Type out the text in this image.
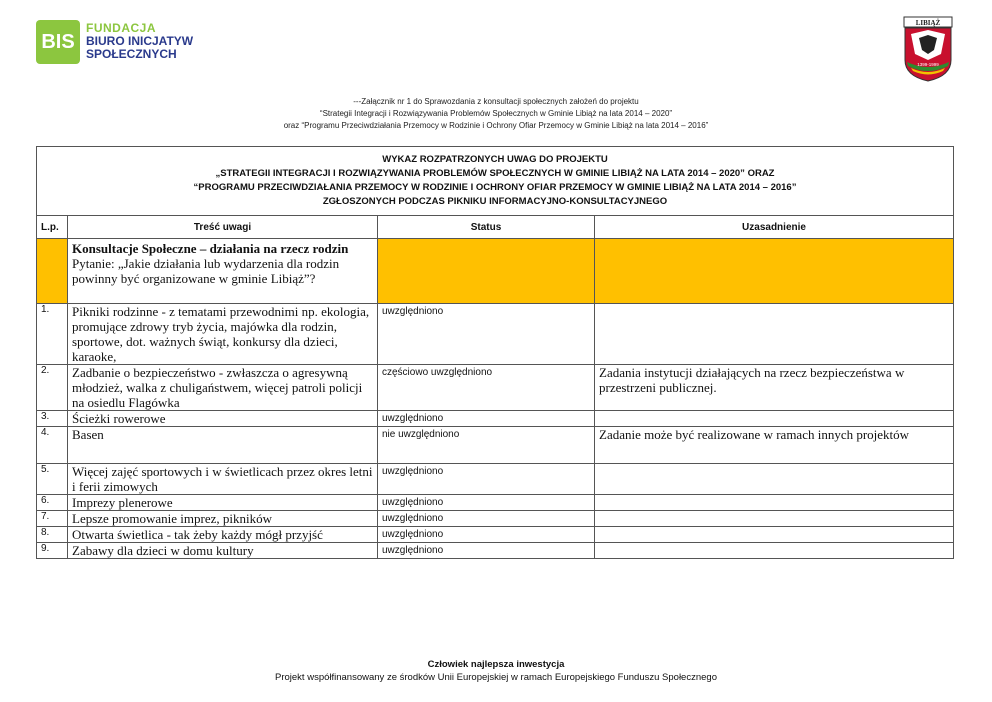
BIS
FUNDACJA
BIURO INICJATYW
SPOŁECZNYCH
LIBIĄŻ
1399-1999
---Załącznik nr 1 do Sprawozdania z konsultacji społecznych założeń do projektu
“Strategii Integracji i Rozwiązywania Problemów Społecznych w Gminie Libiąż na lata 2014 – 2020”
oraz “Programu Przeciwdziałania Przemocy w Rodzinie i Ochrony Ofiar Przemocy w Gminie Libiąż na lata 2014 – 2016”
WYKAZ ROZPATRZONYCH UWAG DO PROJEKTU
„STRATEGII INTEGRACJI I ROZWIĄZYWANIA PROBLEMÓW SPOŁECZNYCH W GMINIE LIBIĄŻ NA LATA 2014 – 2020” ORAZ
“PROGRAMU PRZECIWDZIAŁANIA PRZEMOCY W RODZINIE I OCHRONY OFIAR PRZEMOCY W GMINIE LIBIĄŻ NA LATA 2014 – 2016”
ZGŁOSZONYCH PODCZAS PIKNIKU INFORMACYJNO-KONSULTACYJNEGO			

L.p.	Treść uwagi	Status	Uzasadnienie

	Konsultacje Społeczne – działania na rzecz rodzin
Pytanie: „Jakie działania lub wydarzenia dla rodzin powinny być organizowane w gminie Libiąż”?		

1.	Pikniki rodzinne - z tematami przewodnimi np. ekologia, promujące zdrowy tryb życia, majówka dla rodzin, sportowe, dot. ważnych świąt, konkursy dla dzieci, karaoke,	uwzględniono	
2.	Zadbanie o bezpieczeństwo - zwłaszcza o agresywną młodzież, walka z chuligaństwem, więcej patroli policji na osiedlu Flagówka	częściowo uwzględniono	Zadania instytucji działających na rzecz bezpieczeństwa w przestrzeni publicznej.
3.	Ścieżki rowerowe	uwzględniono	
4.	Basen	nie uwzględniono	Zadanie może być realizowane w ramach innych projektów
5.	Więcej zajęć sportowych i w świetlicach przez okres letni i ferii zimowych	uwzględniono	
6.	Imprezy plenerowe	uwzględniono	
7.	Lepsze promowanie imprez, pikników	uwzględniono	
8.	Otwarta świetlica - tak żeby każdy mógł przyjść	uwzględniono	
9.	Zabawy dla dzieci w domu kultury	uwzględniono	
Człowiek najlepsza inwestycja
Projekt współfinansowany ze środków Unii Europejskiej w ramach Europejskiego Funduszu Społecznego
